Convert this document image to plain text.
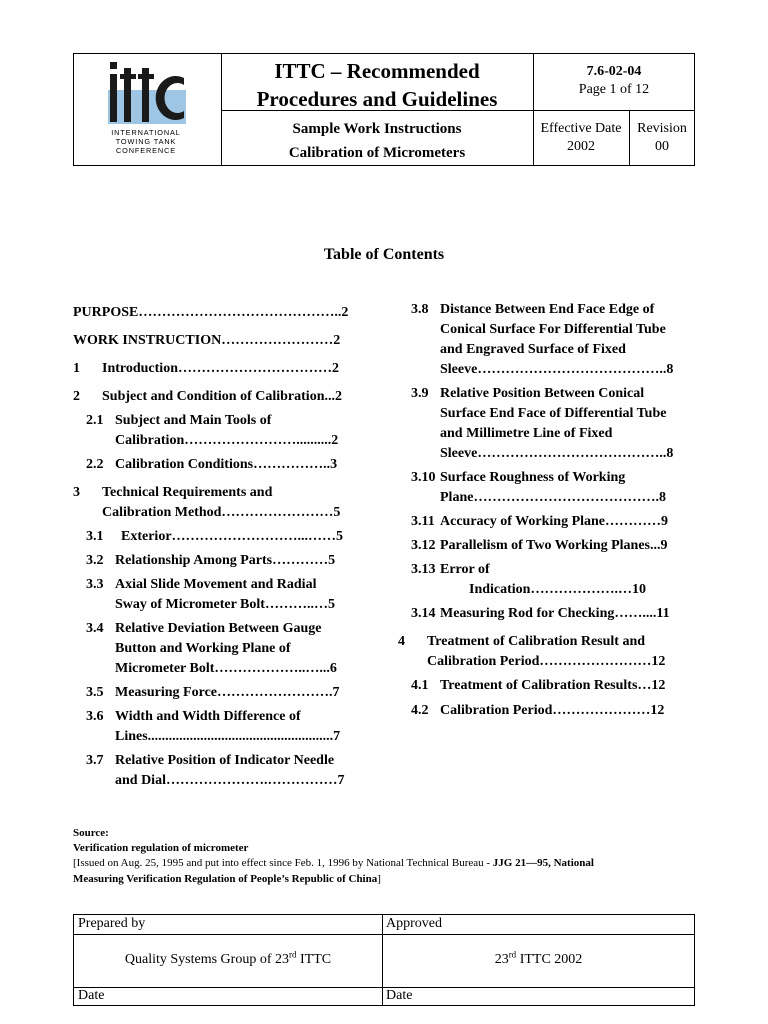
INTERNATIONAL
TOWING TANK
CONFERENCE
ITTC – Recommended
Procedures and Guidelines
Sample Work Instructions
Calibration of Micrometers
7.6-02-04
Page 1 of 12
Effective Date
2002
Revision
00
Table of Contents
PURPOSE……………………………………..2
WORK INSTRUCTION……………………2
1	Introduction……………………………2
2	Subject and Condition of Calibration...2
2.1 Subject and Main Tools of
Calibration……………………..........2
2.2 Calibration Conditions……………..3
3	Technical Requirements and
Calibration Method……………………5
3.1	Exterior………………………...……5
3.2 Relationship Among Parts…………5
3.3 Axial Slide Movement and Radial
Sway of Micrometer Bolt………..…5
3.4 Relative Deviation Between Gauge
Button and Working Plane of
Micrometer Bolt………………..…...6
3.5 Measuring Force…………………….7
3.6 Width and Width Difference of
Lines.....................................................7
3.7 Relative Position of Indicator Needle
and Dial………………….……………7
3.8 Distance Between End Face Edge of
Conical Surface For Differential Tube
and Engraved Surface of Fixed
Sleeve…………………………………..8
3.9 Relative Position Between Conical
Surface End Face of Differential Tube
and Millimetre Line of Fixed
Sleeve…………………………………..8
3.10 Surface Roughness of Working
Plane………………………………….8
3.11 Accuracy of Working Plane…………9
3.12 Parallelism of Two Working Planes...9
3.13 Error of
Indication……………….…10
3.14 Measuring Rod for Checking……....11
4	Treatment of Calibration Result and
Calibration Period……………………12
4.1 Treatment of Calibration Results…12
4.2 Calibration Period…………………12
Source:
Verification regulation of micrometer
[Issued on Aug. 25, 1995 and put into effect since Feb. 1, 1996 by National Technical Bureau - JJG 21—95, National
Measuring Verification Regulation of People’s Republic of China]
Prepared by	Approved
Quality Systems Group of 23rd ITTC	23rd ITTC 2002
Date	Date
